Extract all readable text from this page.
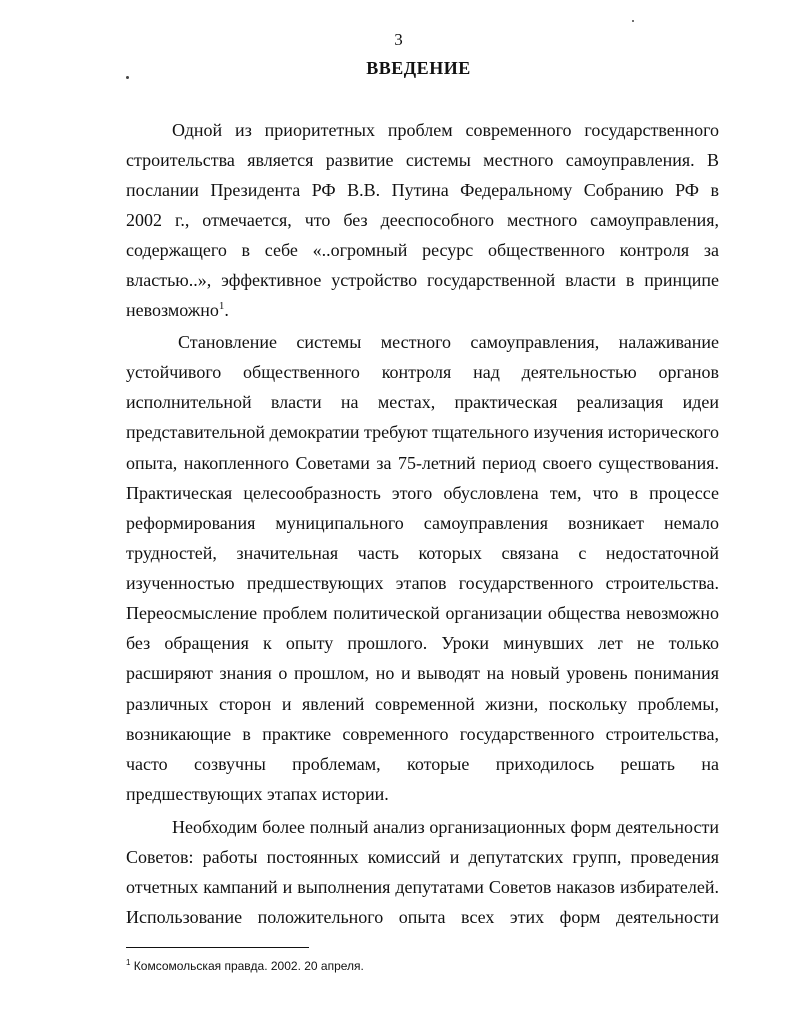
3
ВВЕДЕНИЕ
Одной из приоритетных проблем современного государственного
строительства является развитие системы местного самоуправления. В
послании Президента РФ В.В. Путина Федеральному Собранию РФ в
2002 г., отмечается, что без дееспособного местного самоуправления,
содержащего в себе «..огромный ресурс общественного контроля за
властью..», эффективное устройство государственной власти в принципе
невозможно$^1$.
Становление системы местного самоуправления, налаживание
устойчивого общественного контроля над деятельностью органов
исполнительной власти на местах, практическая реализация идеи
представительной демократии требуют тщательного изучения исторического
опыта, накопленного Советами за 75-летний период своего существования.
Практическая целесообразность этого обусловлена тем, что в процессе
реформирования муниципального самоуправления возникает немало
трудностей, значительная часть которых связана с недостаточной
изученностью предшествующих этапов государственного строительства.
Переосмысление проблем политической организации общества невозможно
без обращения к опыту прошлого. Уроки минувших лет не только
расширяют знания о прошлом, но и выводят на новый уровень понимания
различных сторон и явлений современной жизни, поскольку проблемы,
возникающие в практике современного государственного строительства,
часто созвучны проблемам, которые приходилось решать на
предшествующих этапах истории.
Необходим более полный анализ организационных форм деятельности
Советов: работы постоянных комиссий и депутатских групп, проведения
отчетных кампаний и выполнения депутатами Советов наказов избирателей.
Использование положительного опыта всех этих форм деятельности
$^1$ Комсомольская правда. 2002. 20 апреля.
